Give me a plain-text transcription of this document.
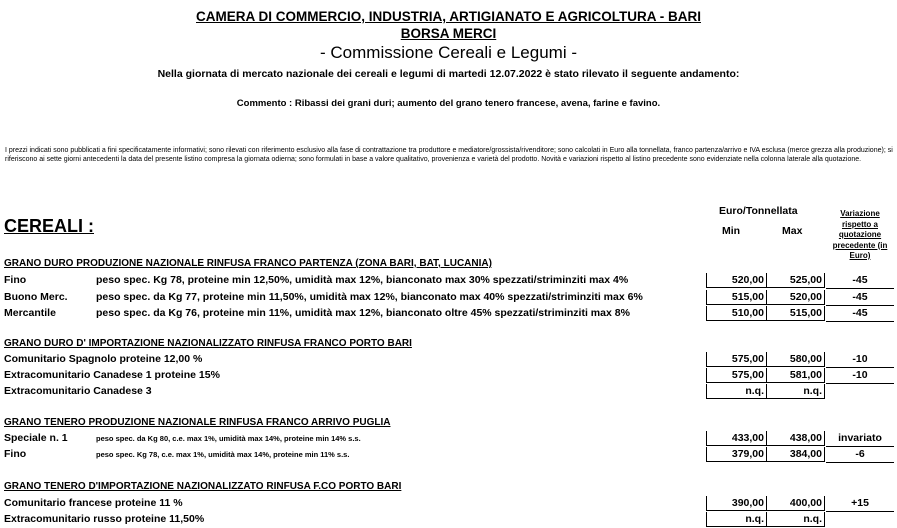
CAMERA DI COMMERCIO, INDUSTRIA, ARTIGIANATO E AGRICOLTURA - BARI
BORSA MERCI
- Commissione Cereali e Legumi -
Nella giornata di mercato nazionale dei cereali e legumi di martedi 12.07.2022 è stato rilevato il seguente andamento:
Commento : Ribassi dei grani duri; aumento del grano tenero francese, avena, farine e favino.
I prezzi indicati sono pubblicati a fini specificatamente informativi; sono rilevati con riferimento esclusivo alla fase di contrattazione tra produttore e mediatore/grossista/rivenditore; sono calcolati in Euro alla tonnellata, franco partenza/arrivo e IVA esclusa (merce grezza alla produzione); si riferiscono ai sette giorni antecedenti la data del presente listino compresa la giornata odierna; sono formulati in base a valore qualitativo, provenienza e varietà del prodotto. Novità e variazioni rispetto al listino precedente sono evidenziate nella colonna laterale alla quotazione.
CEREALI :
Euro/Tonnellata
Min	Max
Variazione rispetto a quotazione precedente (in Euro)
GRANO DURO PRODUZIONE NAZIONALE RINFUSA FRANCO PARTENZA (ZONA BARI, BAT, LUCANIA)
Fino	peso spec. Kg 78, proteine min 12,50%, umidità max 12%, bianconato max 30% spezzati/striminziti max 4%	520,00	525,00	-45
Buono Merc.	peso spec. da Kg 77, proteine min 11,50%, umidità max 12%, bianconato max 40% spezzati/striminziti max 6%	515,00	520,00	-45
Mercantile	peso spec. da Kg 76, proteine min 11%, umidità max 12%, bianconato oltre 45% spezzati/striminziti max 8%	510,00	515,00	-45
GRANO DURO D' IMPORTAZIONE NAZIONALIZZATO RINFUSA FRANCO PORTO BARI
Comunitario Spagnolo proteine 12,00 %	575,00	580,00	-10
Extracomunitario Canadese 1 proteine 15%	575,00	581,00	-10
Extracomunitario Canadese 3	n.q.	n.q.
GRANO TENERO PRODUZIONE NAZIONALE RINFUSA FRANCO ARRIVO PUGLIA
Speciale n. 1	peso spec. da Kg 80, c.e. max 1%, umidità max 14%, proteine min 14% s.s.	433,00	438,00	invariato
Fino	peso spec. Kg 78, c.e. max 1%, umidità max 14%, proteine min 11% s.s.	379,00	384,00	-6
GRANO TENERO D'IMPORTAZIONE NAZIONALIZZATO RINFUSA F.CO PORTO BARI
Comunitario francese proteine 11 %	390,00	400,00	+15
Extracomunitario russo proteine 11,50%	n.q.	n.q.
